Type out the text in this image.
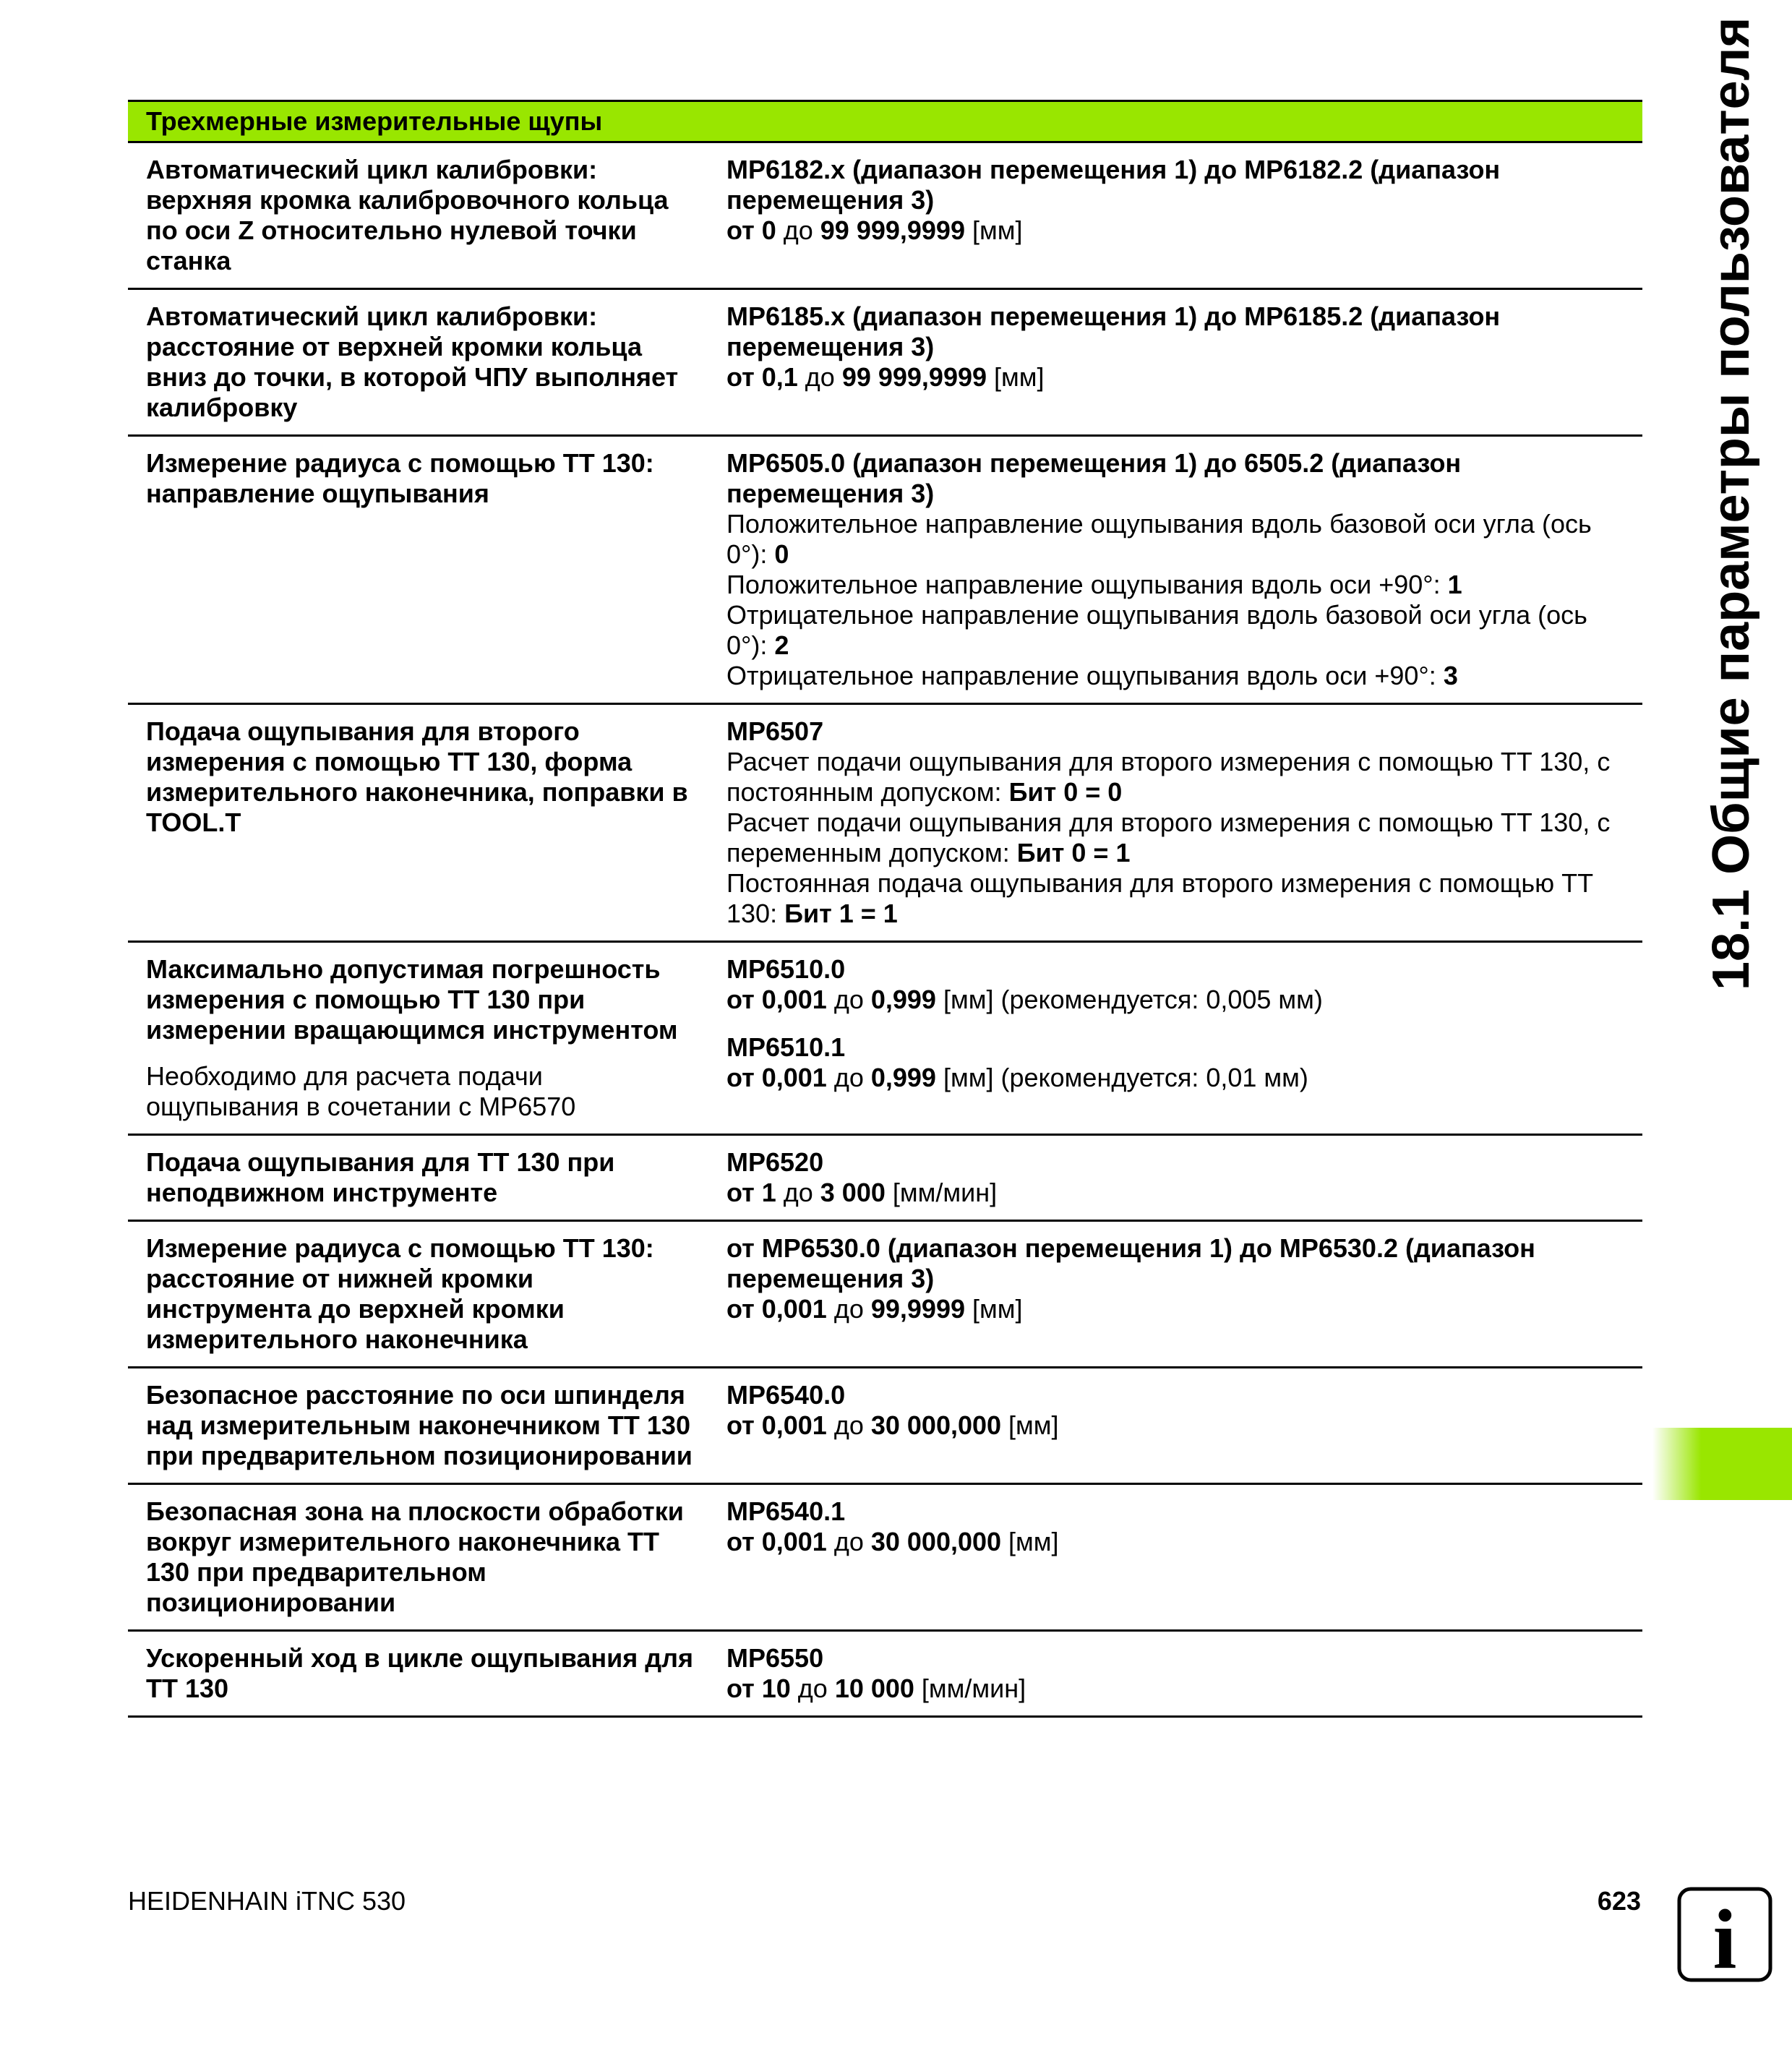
Трехмерные измерительные щупы
Автоматический цикл калибровки: верхняя кромка калибровочного кольца по оси Z относительно нулевой точки станка
MP6182.x (диапазон перемещения 1) до MP6182.2 (диапазон перемещения 3)
от 0 до 99 999,9999 [мм]
Автоматический цикл калибровки: расстояние от верхней кромки кольца вниз до точки, в которой ЧПУ выполняет калибровку
MP6185.x (диапазон перемещения 1) до MP6185.2 (диапазон перемещения 3)
от 0,1 до 99 999,9999 [мм]
Измерение радиуса с помощью TT 130: направление ощупывания
MP6505.0 (диапазон перемещения 1) до 6505.2 (диапазон перемещения 3)
Положительное направление ощупывания вдоль базовой оси угла (ось 0°): 0
Положительное направление ощупывания вдоль оси +90°: 1
Отрицательное направление ощупывания вдоль базовой оси угла (ось 0°): 2
Отрицательное направление ощупывания вдоль оси +90°: 3
Подача ощупывания для второго измерения с помощью TT 130, форма измерительного наконечника, поправки в TOOL.T
MP6507
Расчет подачи ощупывания для второго измерения с помощью TT 130, с постоянным допуском: Бит 0 = 0
Расчет подачи ощупывания для второго измерения с помощью TT 130, с переменным допуском: Бит 0 = 1
Постоянная подача ощупывания для второго измерения с помощью TT 130: Бит 1 = 1
Максимально допустимая погрешность измерения с помощью TT 130 при измерении вращающимся инструментом
Необходимо для расчета подачи ощупывания в сочетании с MP6570
MP6510.0
от 0,001 до 0,999 [мм] (рекомендуется: 0,005 мм)
MP6510.1
от 0,001 до 0,999 [мм] (рекомендуется: 0,01 мм)
Подача ощупывания для TT 130 при неподвижном инструменте
MP6520
от 1 до 3 000 [мм/мин]
Измерение радиуса с помощью TT 130: расстояние от нижней кромки инструмента до верхней кромки измерительного наконечника
от MP6530.0 (диапазон перемещения 1) до MP6530.2 (диапазон перемещения 3)
от 0,001 до 99,9999 [мм]
Безопасное расстояние по оси шпинделя над измерительным наконечником TT 130 при предварительном позиционировании
MP6540.0
от 0,001 до 30 000,000 [мм]
Безопасная зона на плоскости обработки вокруг измерительного наконечника TT 130 при предварительном позиционировании
MP6540.1
от 0,001 до 30 000,000 [мм]
Ускоренный ход в цикле ощупывания для TT 130
MP6550
от 10 до 10 000 [мм/мин]
18.1 Общие параметры пользователя
HEIDENHAIN iTNC 530	623 i
